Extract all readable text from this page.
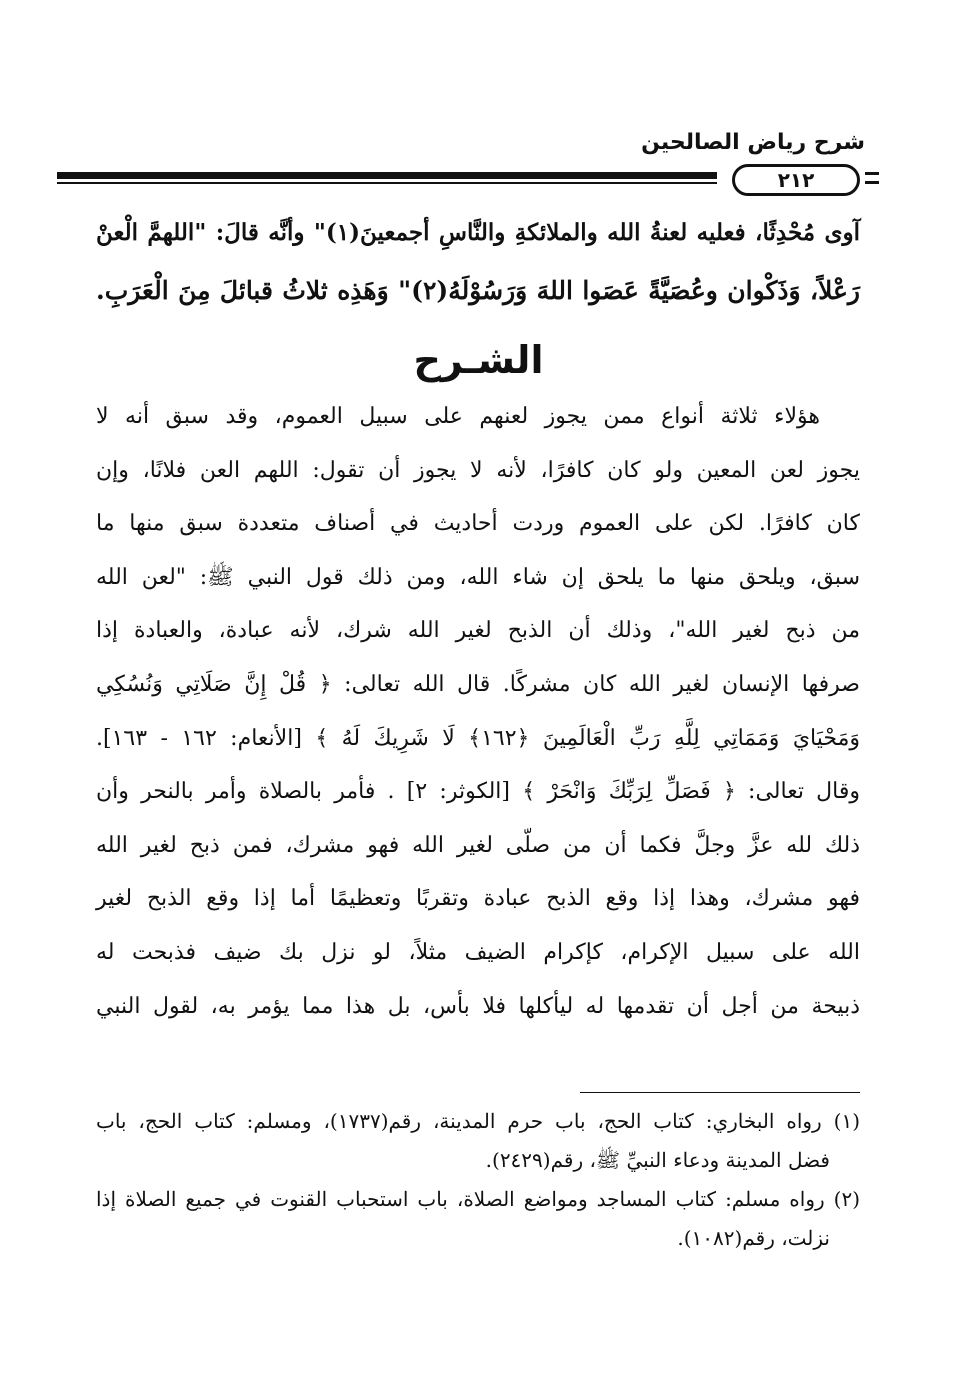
شرح رياض الصالحين
٢١٢
آوى مُحْدِثًا، فعليه لعنةُ الله والملائكةِ والنَّاسِ أجمعينَ(١)" وأنَّه قالَ: "اللهمَّ الْعنْ
رَعْلاً، وَذَكْوان وعُصَيَّةً عَصَوا اللهَ وَرَسُوْلَهُ(٢)" وَهَذِه ثلاثُ قبائلَ مِنَ الْعَرَبِ.
الشـرح
هؤلاء ثلاثة أنواع ممن يجوز لعنهم على سبيل العموم، وقد سبق أنه لا
يجوز لعن المعين ولو كان كافرًا، لأنه لا يجوز أن تقول: اللهم العن فلانًا، وإن
كان كافرًا. لكن على العموم وردت أحاديث في أصناف متعددة سبق منها ما
سبق، ويلحق منها ما يلحق إن شاء الله، ومن ذلك قول النبي ﷺ: "لعن الله
من ذبح لغير الله"، وذلك أن الذبح لغير الله شرك، لأنه عبادة، والعبادة إذا
صرفها الإنسان لغير الله كان مشركًا. قال الله تعالى: ﴿ قُلْ إِنَّ صَلَاتِي وَنُسُكِي
وَمَحْيَايَ وَمَمَاتِي لِلَّهِ رَبِّ الْعَالَمِينَ ﴿١٦٢﴾ لَا شَرِيكَ لَهُ ﴾ [الأنعام: ١٦٢ - ١٦٣].
وقال تعالى: ﴿ فَصَلِّ لِرَبِّكَ وَانْحَرْ ﴾ [الكوثر: ٢] . فأمر بالصلاة وأمر بالنحر وأن
ذلك لله عزَّ وجلَّ فكما أن من صلّى لغير الله فهو مشرك، فمن ذبح لغير الله
فهو مشرك، وهذا إذا وقع الذبح عبادة وتقربًا وتعظيمًا أما إذا وقع الذبح لغير
الله على سبيل الإكرام، كإكرام الضيف مثلاً، لو نزل بك ضيف فذبحت له
ذبيحة من أجل أن تقدمها له ليأكلها فلا بأس، بل هذا مما يؤمر به، لقول النبي
(١) رواه البخاري: كتاب الحج، باب حرم المدينة، رقم(١٧٣٧)، ومسلم: كتاب الحج، باب
فضل المدينة ودعاء النبيِّ ﷺ، رقم(٢٤٢٩).
(٢) رواه مسلم: كتاب المساجد ومواضع الصلاة، باب استحباب القنوت في جميع الصلاة إذا
نزلت، رقم(١٠٨٢).
